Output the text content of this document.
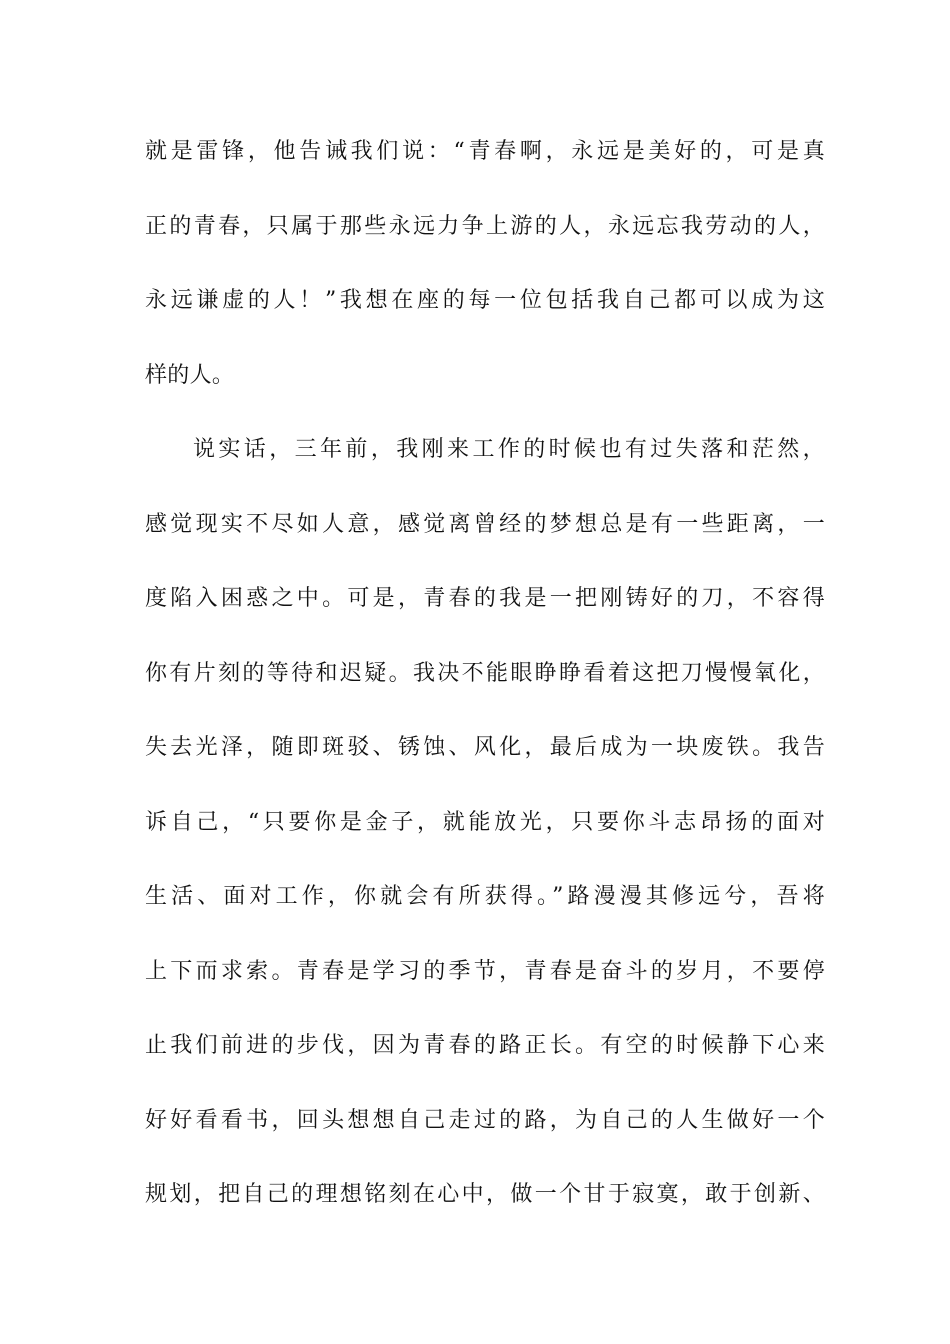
就是雷锋，他告诫我们说：“青春啊，永远是美好的，可是真
正的青春，只属于那些永远力争上游的人，永远忘我劳动的人，
永远谦虚的人！”我想在座的每一位包括我自己都可以成为这
样的人。
说实话，三年前，我刚来工作的时候也有过失落和茫然，
感觉现实不尽如人意，感觉离曾经的梦想总是有一些距离，一
度陷入困惑之中。可是，青春的我是一把刚铸好的刀，不容得
你有片刻的等待和迟疑。我决不能眼睁睁看着这把刀慢慢氧化，
失去光泽，随即斑驳、锈蚀、风化，最后成为一块废铁。我告
诉自己，“只要你是金子，就能放光，只要你斗志昂扬的面对
生活、面对工作，你就会有所获得。”路漫漫其修远兮，吾将
上下而求索。青春是学习的季节，青春是奋斗的岁月，不要停
止我们前进的步伐，因为青春的路正长。有空的时候静下心来
好好看看书，回头想想自己走过的路，为自己的人生做好一个
规划，把自己的理想铭刻在心中，做一个甘于寂寞，敢于创新、
